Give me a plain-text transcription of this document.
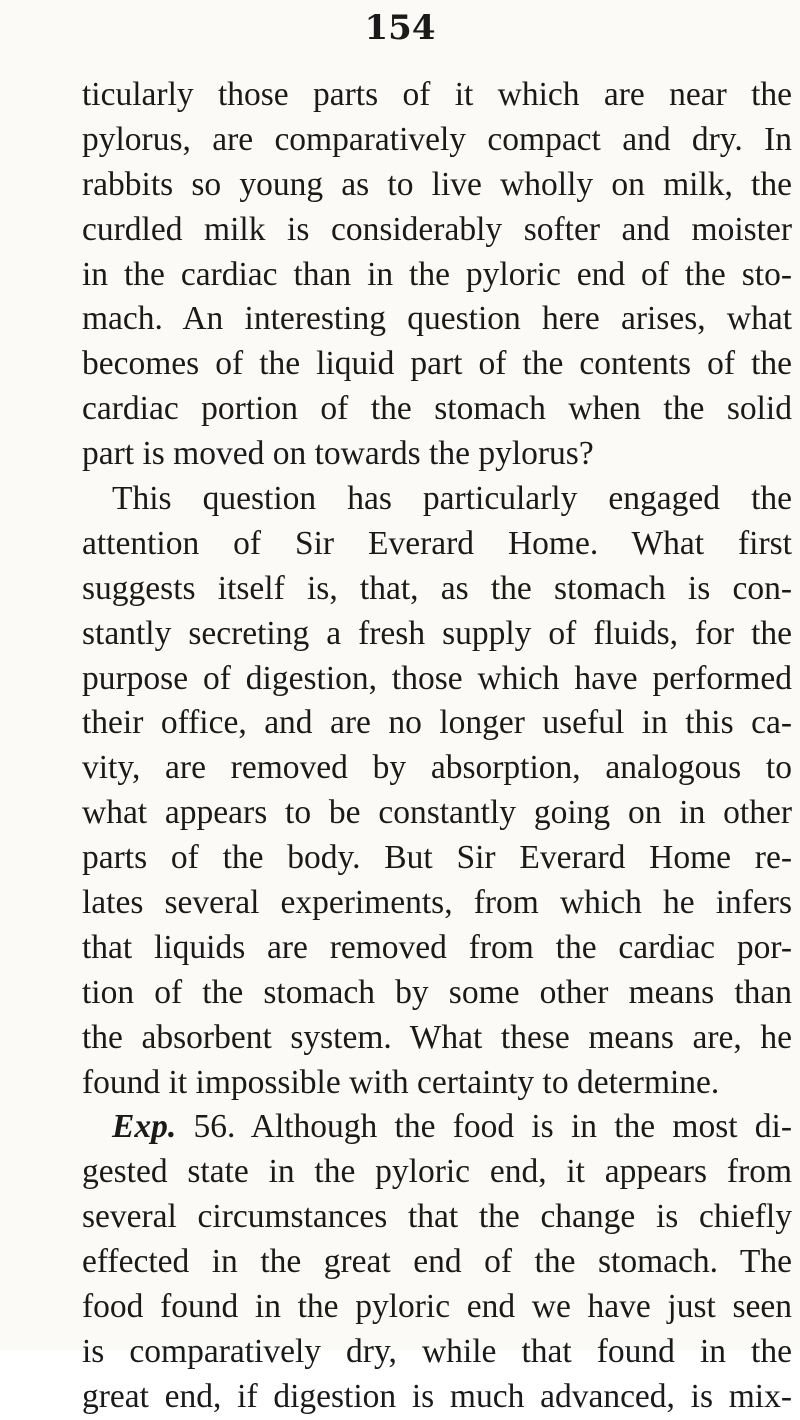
154
ticularly those parts of it which are near the
pylorus, are comparatively compact and dry. In
rabbits so young as to live wholly on milk, the
curdled milk is considerably softer and moister
in the cardiac than in the pyloric end of the sto-
mach. An interesting question here arises, what
becomes of the liquid part of the contents of the
cardiac portion of the stomach when the solid
part is moved on towards the pylorus?
This question has particularly engaged the
attention of Sir Everard Home. What first
suggests itself is, that, as the stomach is con-
stantly secreting a fresh supply of fluids, for the
purpose of digestion, those which have performed
their office, and are no longer useful in this ca-
vity, are removed by absorption, analogous to
what appears to be constantly going on in other
parts of the body. But Sir Everard Home re-
lates several experiments, from which he infers
that liquids are removed from the cardiac por-
tion of the stomach by some other means than
the absorbent system. What these means are, he
found it impossible with certainty to determine.
Exp. 56. Although the food is in the most di-
gested state in the pyloric end, it appears from
several circumstances that the change is chiefly
effected in the great end of the stomach. The
food found in the pyloric end we have just seen
is comparatively dry, while that found in the
great end, if digestion is much advanced, is mix-
